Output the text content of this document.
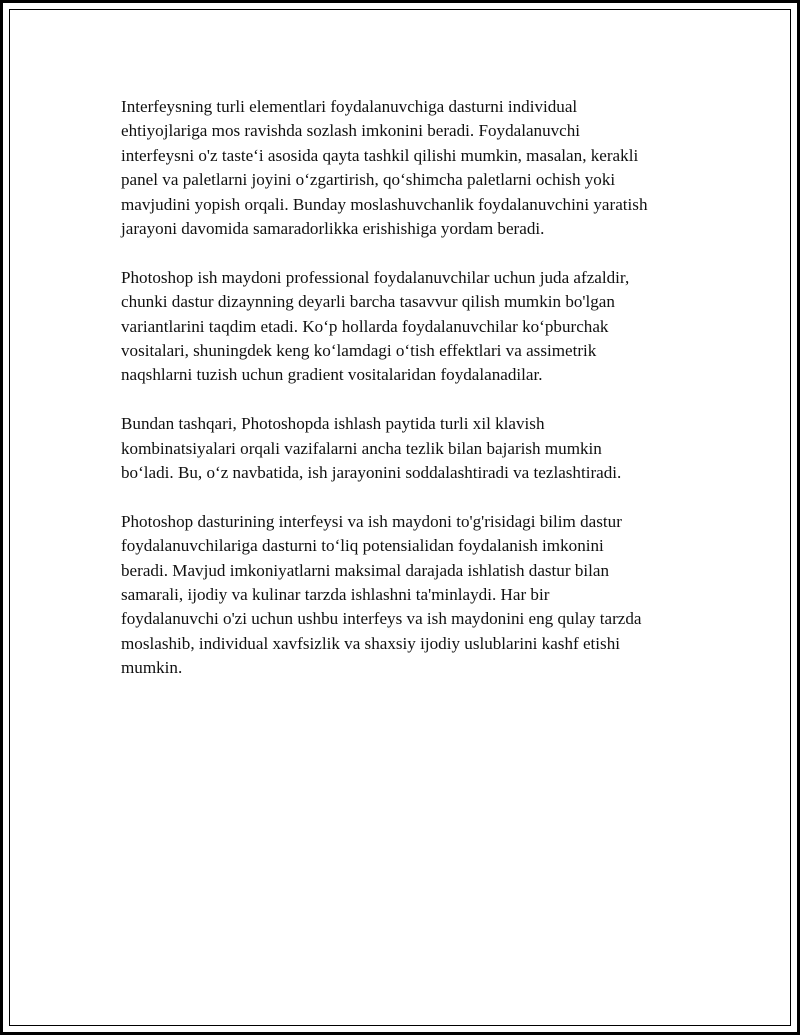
Interfeysning turli elementlari foydalanuvchiga dasturni individual
ehtiyojlariga mos ravishda sozlash imkonini beradi. Foydalanuvchi
interfeysni o'z taste‘i asosida qayta tashkil qilishi mumkin, masalan, kerakli
panel va paletlarni joyini o‘zgartirish, qo‘shimcha paletlarni ochish yoki
mavjudini yopish orqali. Bunday moslashuvchanlik foydalanuvchini yaratish
jarayoni davomida samaradorlikka erishishiga yordam beradi.

Photoshop ish maydoni professional foydalanuvchilar uchun juda afzaldir,
chunki dastur dizaynning deyarli barcha tasavvur qilish mumkin bo'lgan
variantlarini taqdim etadi. Ko‘p hollarda foydalanuvchilar ko‘pburchak
vositalari, shuningdek keng ko‘lamdagi o‘tish effektlari va assimetrik
naqshlarni tuzish uchun gradient vositalaridan foydalanadilar.

Bundan tashqari, Photoshopda ishlash paytida turli xil klavish
kombinatsiyalari orqali vazifalarni ancha tezlik bilan bajarish mumkin
bo‘ladi. Bu, o‘z navbatida, ish jarayonini soddalashtiradi va tezlashtiradi.

Photoshop dasturining interfeysi va ish maydoni to'g'risidagi bilim dastur
foydalanuvchilariga dasturni to‘liq potensialidan foydalanish imkonini
beradi. Mavjud imkoniyatlarni maksimal darajada ishlatish dastur bilan
samarali, ijodiy va kulinar tarzda ishlashni ta'minlaydi. Har bir
foydalanuvchi o'zi uchun ushbu interfeys va ish maydonini eng qulay tarzda
moslashib, individual xavfsizlik va shaxsiy ijodiy uslublarini kashf etishi
mumkin.
